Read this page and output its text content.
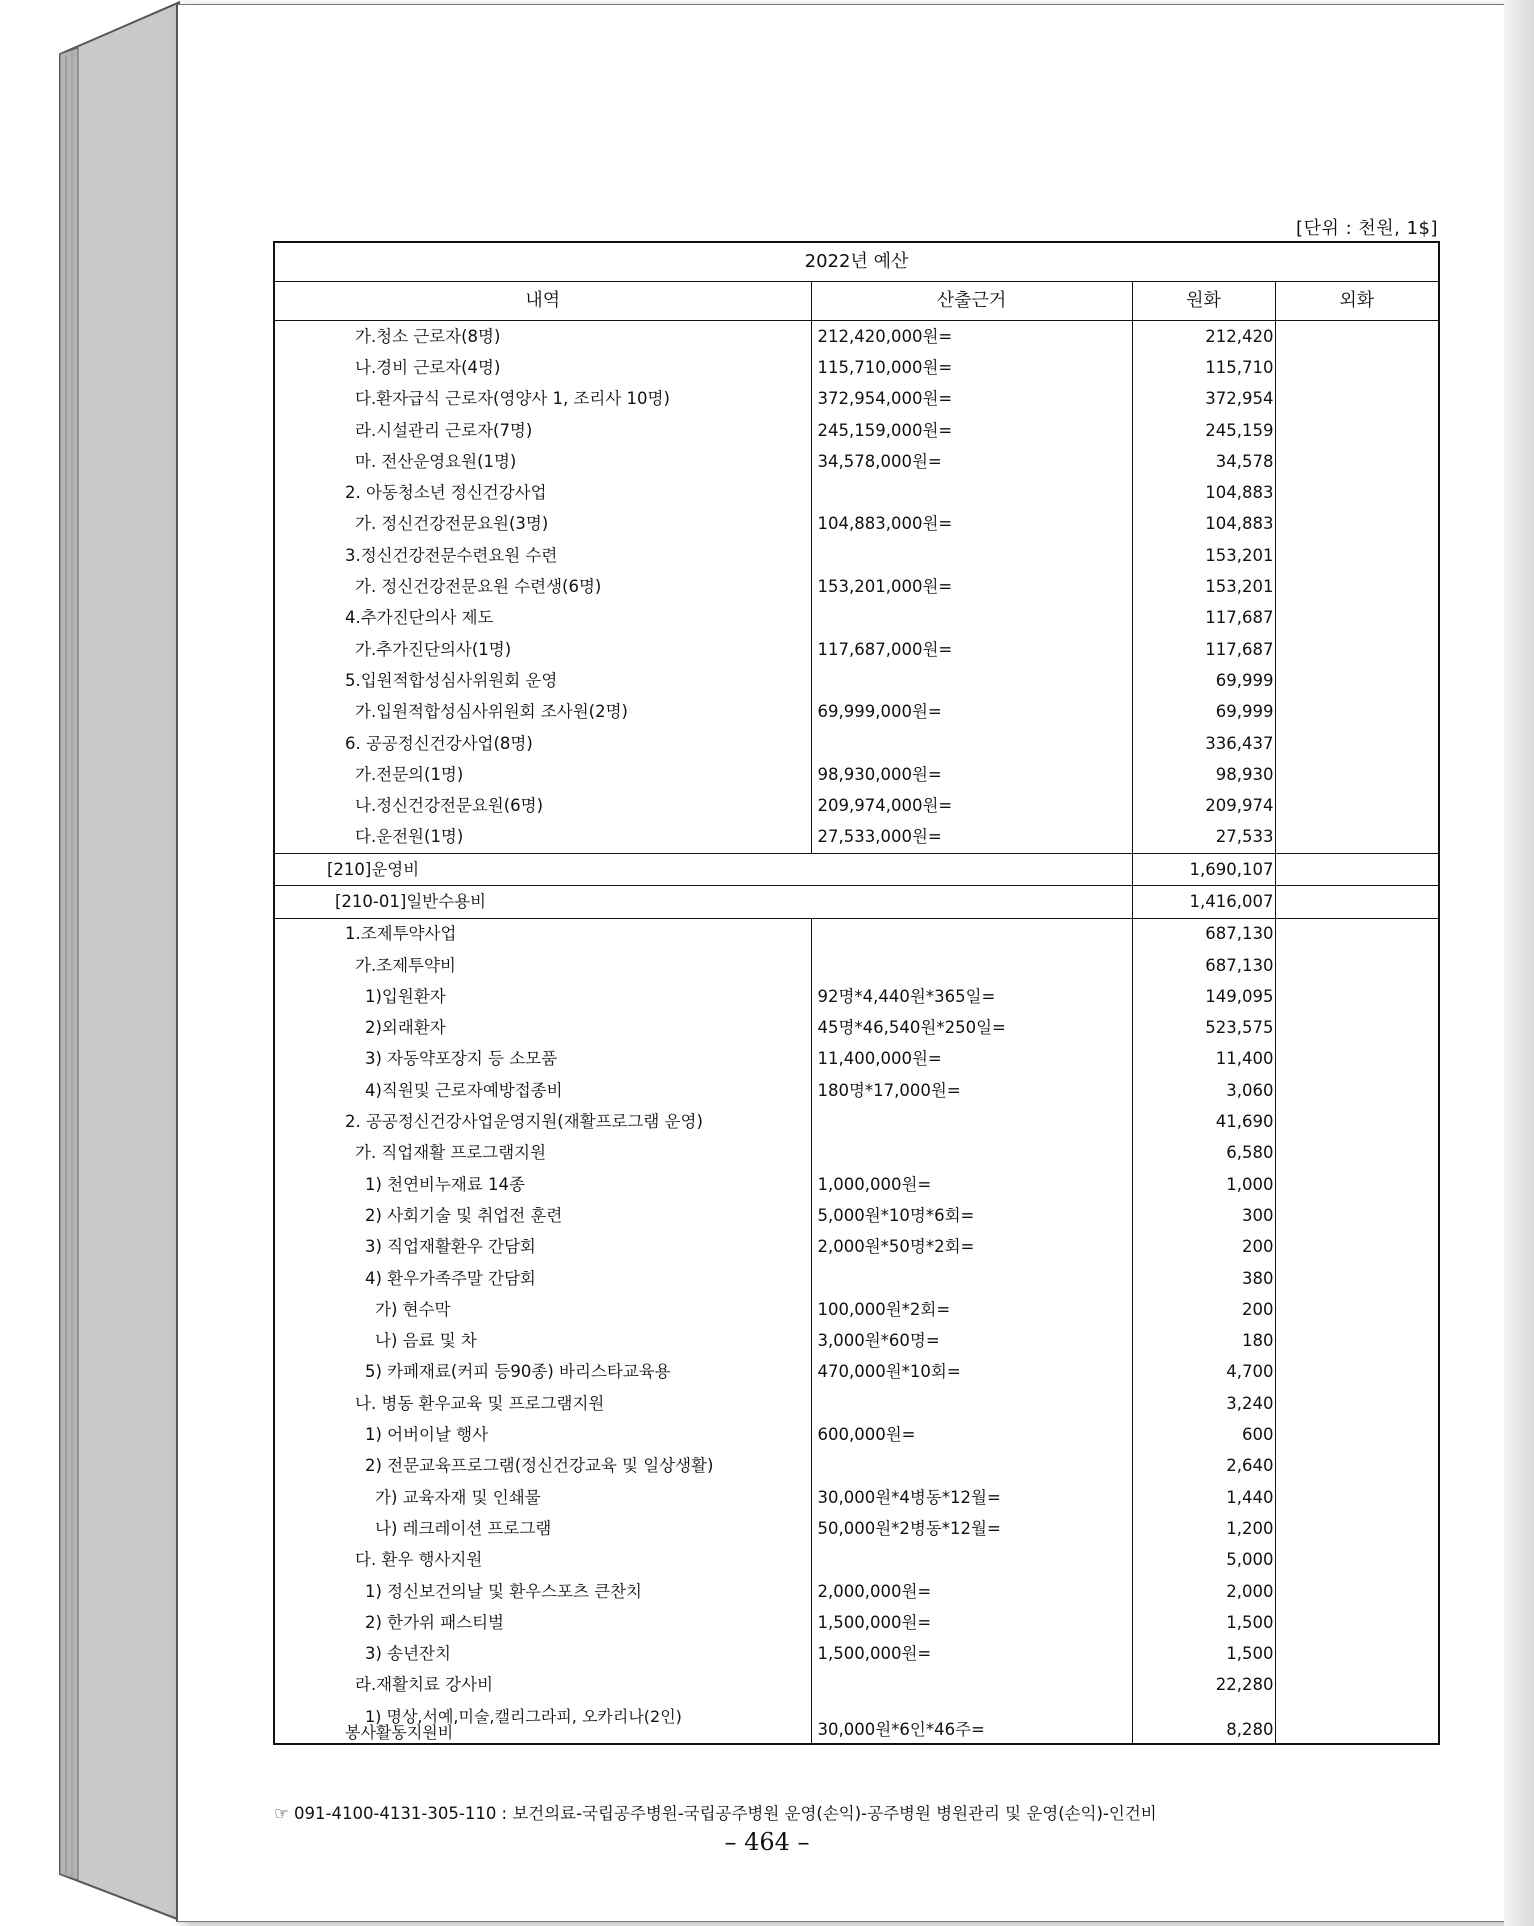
[단위 : 천원, 1$]
2022년 예산			
내역	산출근거	원화	외화
가.청소 근로자(8명)	212,420,000원=	212,420	
나.경비 근로자(4명)	115,710,000원=	115,710	
다.환자급식 근로자(영양사 1, 조리사 10명)	372,954,000원=	372,954	
라.시설관리 근로자(7명)	245,159,000원=	245,159	
마. 전산운영요원(1명)	34,578,000원=	34,578	
2. 아동청소년 정신건강사업		104,883	
가. 정신건강전문요원(3명)	104,883,000원=	104,883	
3.정신건강전문수련요원 수련		153,201	
가. 정신건강전문요원 수련생(6명)	153,201,000원=	153,201	
4.추가진단의사 제도		117,687	
가.추가진단의사(1명)	117,687,000원=	117,687	
5.입원적합성심사위원회 운영		69,999	
가.입원적합성심사위원회 조사원(2명)	69,999,000원=	69,999	
6. 공공정신건강사업(8명)		336,437	
가.전문의(1명)	98,930,000원=	98,930	
나.정신건강전문요원(6명)	209,974,000원=	209,974	
다.운전원(1명)	27,533,000원=	27,533	
[210]운영비		1,690,107	
[210-01]일반수용비		1,416,007	
1.조제투약사업		687,130	
가.조제투약비		687,130	
1)입원환자	92명*4,440원*365일=	149,095	
2)외래환자	45명*46,540원*250일=	523,575	
3) 자동약포장지 등 소모품	11,400,000원=	11,400	
4)직원및 근로자예방접종비	180명*17,000원=	3,060	
2. 공공정신건강사업운영지원(재활프로그램 운영)		41,690	
가. 직업재활 프로그램지원		6,580	
1) 천연비누재료 14종	1,000,000원=	1,000	
2) 사회기술 및 취업전 훈련	5,000원*10명*6회=	300	
3) 직업재활환우 간담회	2,000원*50명*2회=	200	
4) 환우가족주말 간담회		380	
가) 현수막	100,000원*2회=	200	
나) 음료 및 차	3,000원*60명=	180	
5) 카페재료(커피 등90종) 바리스타교육용	470,000원*10회=	4,700	
나. 병동 환우교육 및 프로그램지원		3,240	
1) 어버이날 행사	600,000원=	600	
2) 전문교육프로그램(정신건강교육 및 일상생활)		2,640	
가) 교육자재 및 인쇄물	30,000원*4병동*12월=	1,440	
나) 레크레이션 프로그램	50,000원*2병동*12월=	1,200	
다. 환우 행사지원		5,000	
1) 정신보건의날 및 환우스포츠 큰찬치	2,000,000원=	2,000	
2) 한가위 패스티벌	1,500,000원=	1,500	
3) 송년잔치	1,500,000원=	1,500	
라.재활치료 강사비		22,280	

1) 명상,서예,미술,캘리그라피, 오카리나(2인)
봉사활동지원비	30,000원*6인*46주=	8,280	
☞ 091-4100-4131-305-110 : 보건의료-국립공주병원-국립공주병원 운영(손익)-공주병원 병원관리 및 운영(손익)-인건비
– 464 –
